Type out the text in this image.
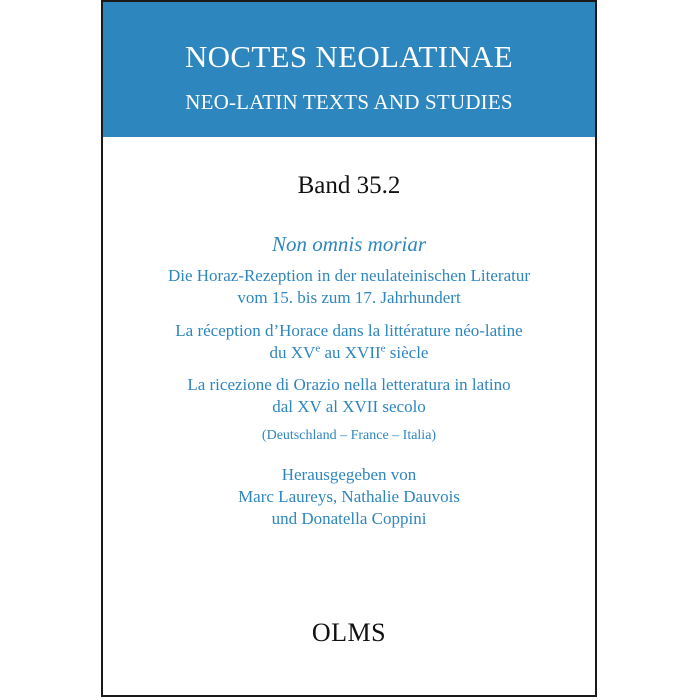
NOCTES NEOLATINAE
NEO-LATIN TEXTS AND STUDIES
Band 35.2
Non omnis moriar
Die Horaz-Rezeption in der neulateinischen Literatur
vom 15. bis zum 17. Jahrhundert
La réception d’Horace dans la littérature néo-latine
du XVe au XVIIe siècle
La ricezione di Orazio nella letteratura in latino
dal XV al XVII secolo
(Deutschland – France – Italia)
Herausgegeben von
Marc Laureys, Nathalie Dauvois
und Donatella Coppini
OLMS
